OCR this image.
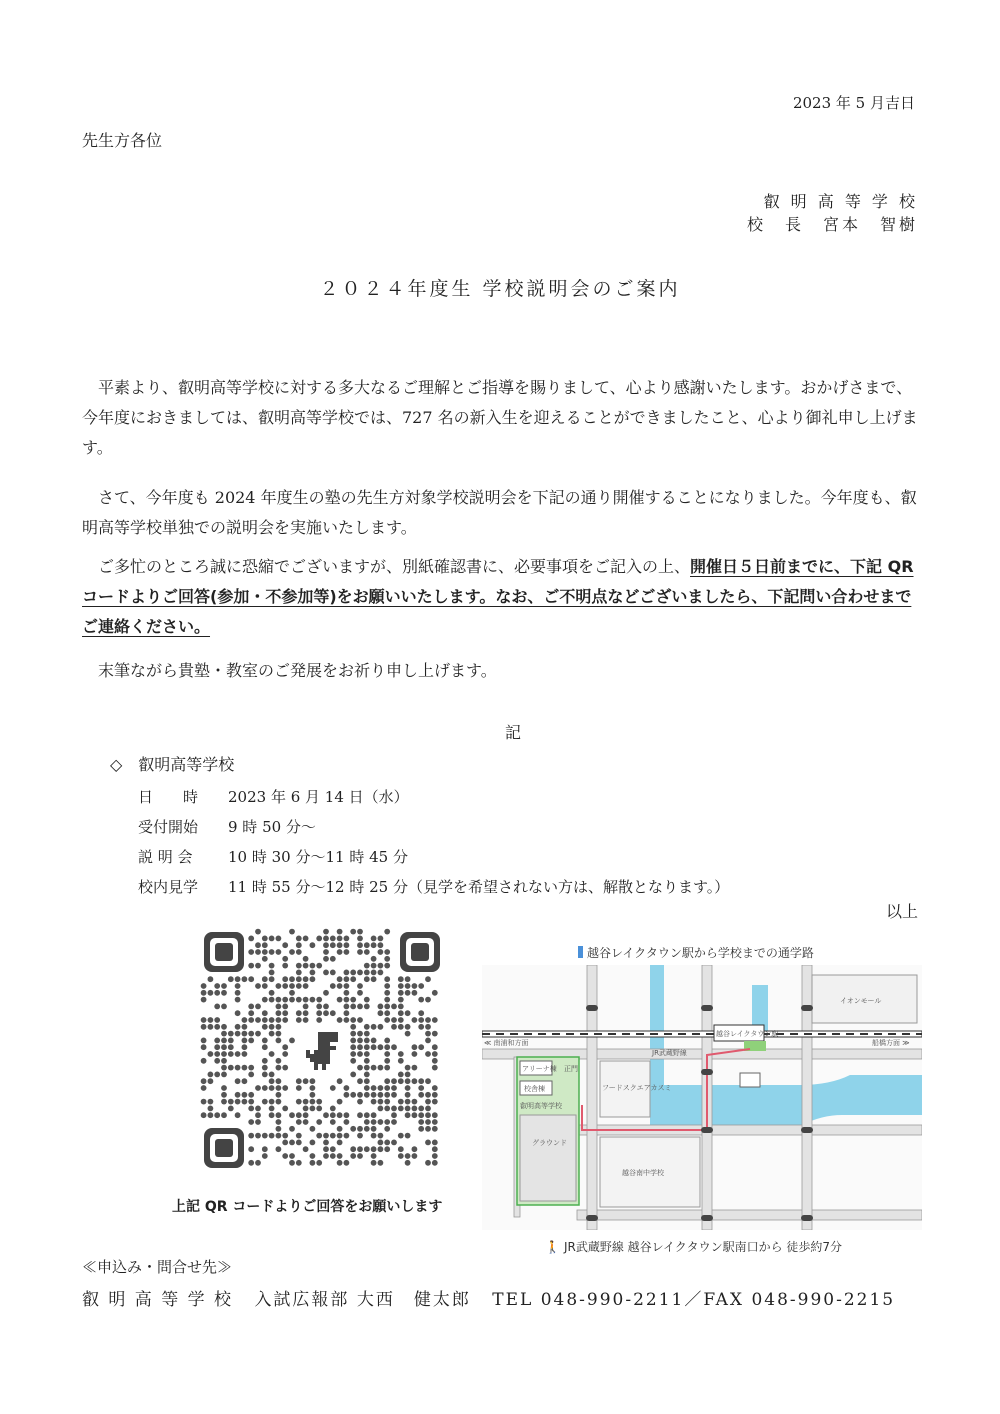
2023 年 5 月吉日
先生方各位
叡 明 高 等 学 校
校　長　宮本　智樹
２０２４年度生 学校説明会のご案内

平素より、叡明高等学校に対する多大なるご理解とご指導を賜りまして、心より感謝いたします。おかげさまで、今年度におきましては、叡明高等学校では、727 名の新入生を迎えることができましたこと、心より御礼申し上げます。

さて、今年度も 2024 年度生の塾の先生方対象学校説明会を下記の通り開催することになりました。今年度も、叡明高等学校単独での説明会を実施いたします。

ご多忙のところ誠に恐縮でございますが、別紙確認書に、必要事項をご記入の上、開催日５日前までに、下記 QR コードよりご回答(参加・不参加等)をお願いいたします。なお、ご不明点などございましたら、下記問い合わせまでご連絡ください。

末筆ながら貴塾・教室のご発展をお祈り申し上げます。

記
◇　叡明高等学校
日　　時	2023 年 6 月 14 日（水）
受付開始	9 時 50 分〜
説 明 会	10 時 30 分〜11 時 45 分
校内見学	11 時 55 分〜12 時 25 分（見学を希望されない方は、解散となります。）
以上
上記 QR コードよりご回答をお願いします
越谷レイクタウン駅から学校までの通学路
イオンモール
越谷レイクタウン駅
≪ 南浦和方面	船橋方面 ≫
JR武蔵野線
アリーナ棟
校舎棟
正門
叡明高等学校
グラウンド
フードスクエアカスミ
越谷南中学校
🚶 JR武蔵野線 越谷レイクタウン駅南口から 徒歩約7分
≪申込み・問合せ先≫
叡 明 高 等 学 校 入試広報部 大西　健太郎 TEL 048-990-2211／FAX 048-990-2215
